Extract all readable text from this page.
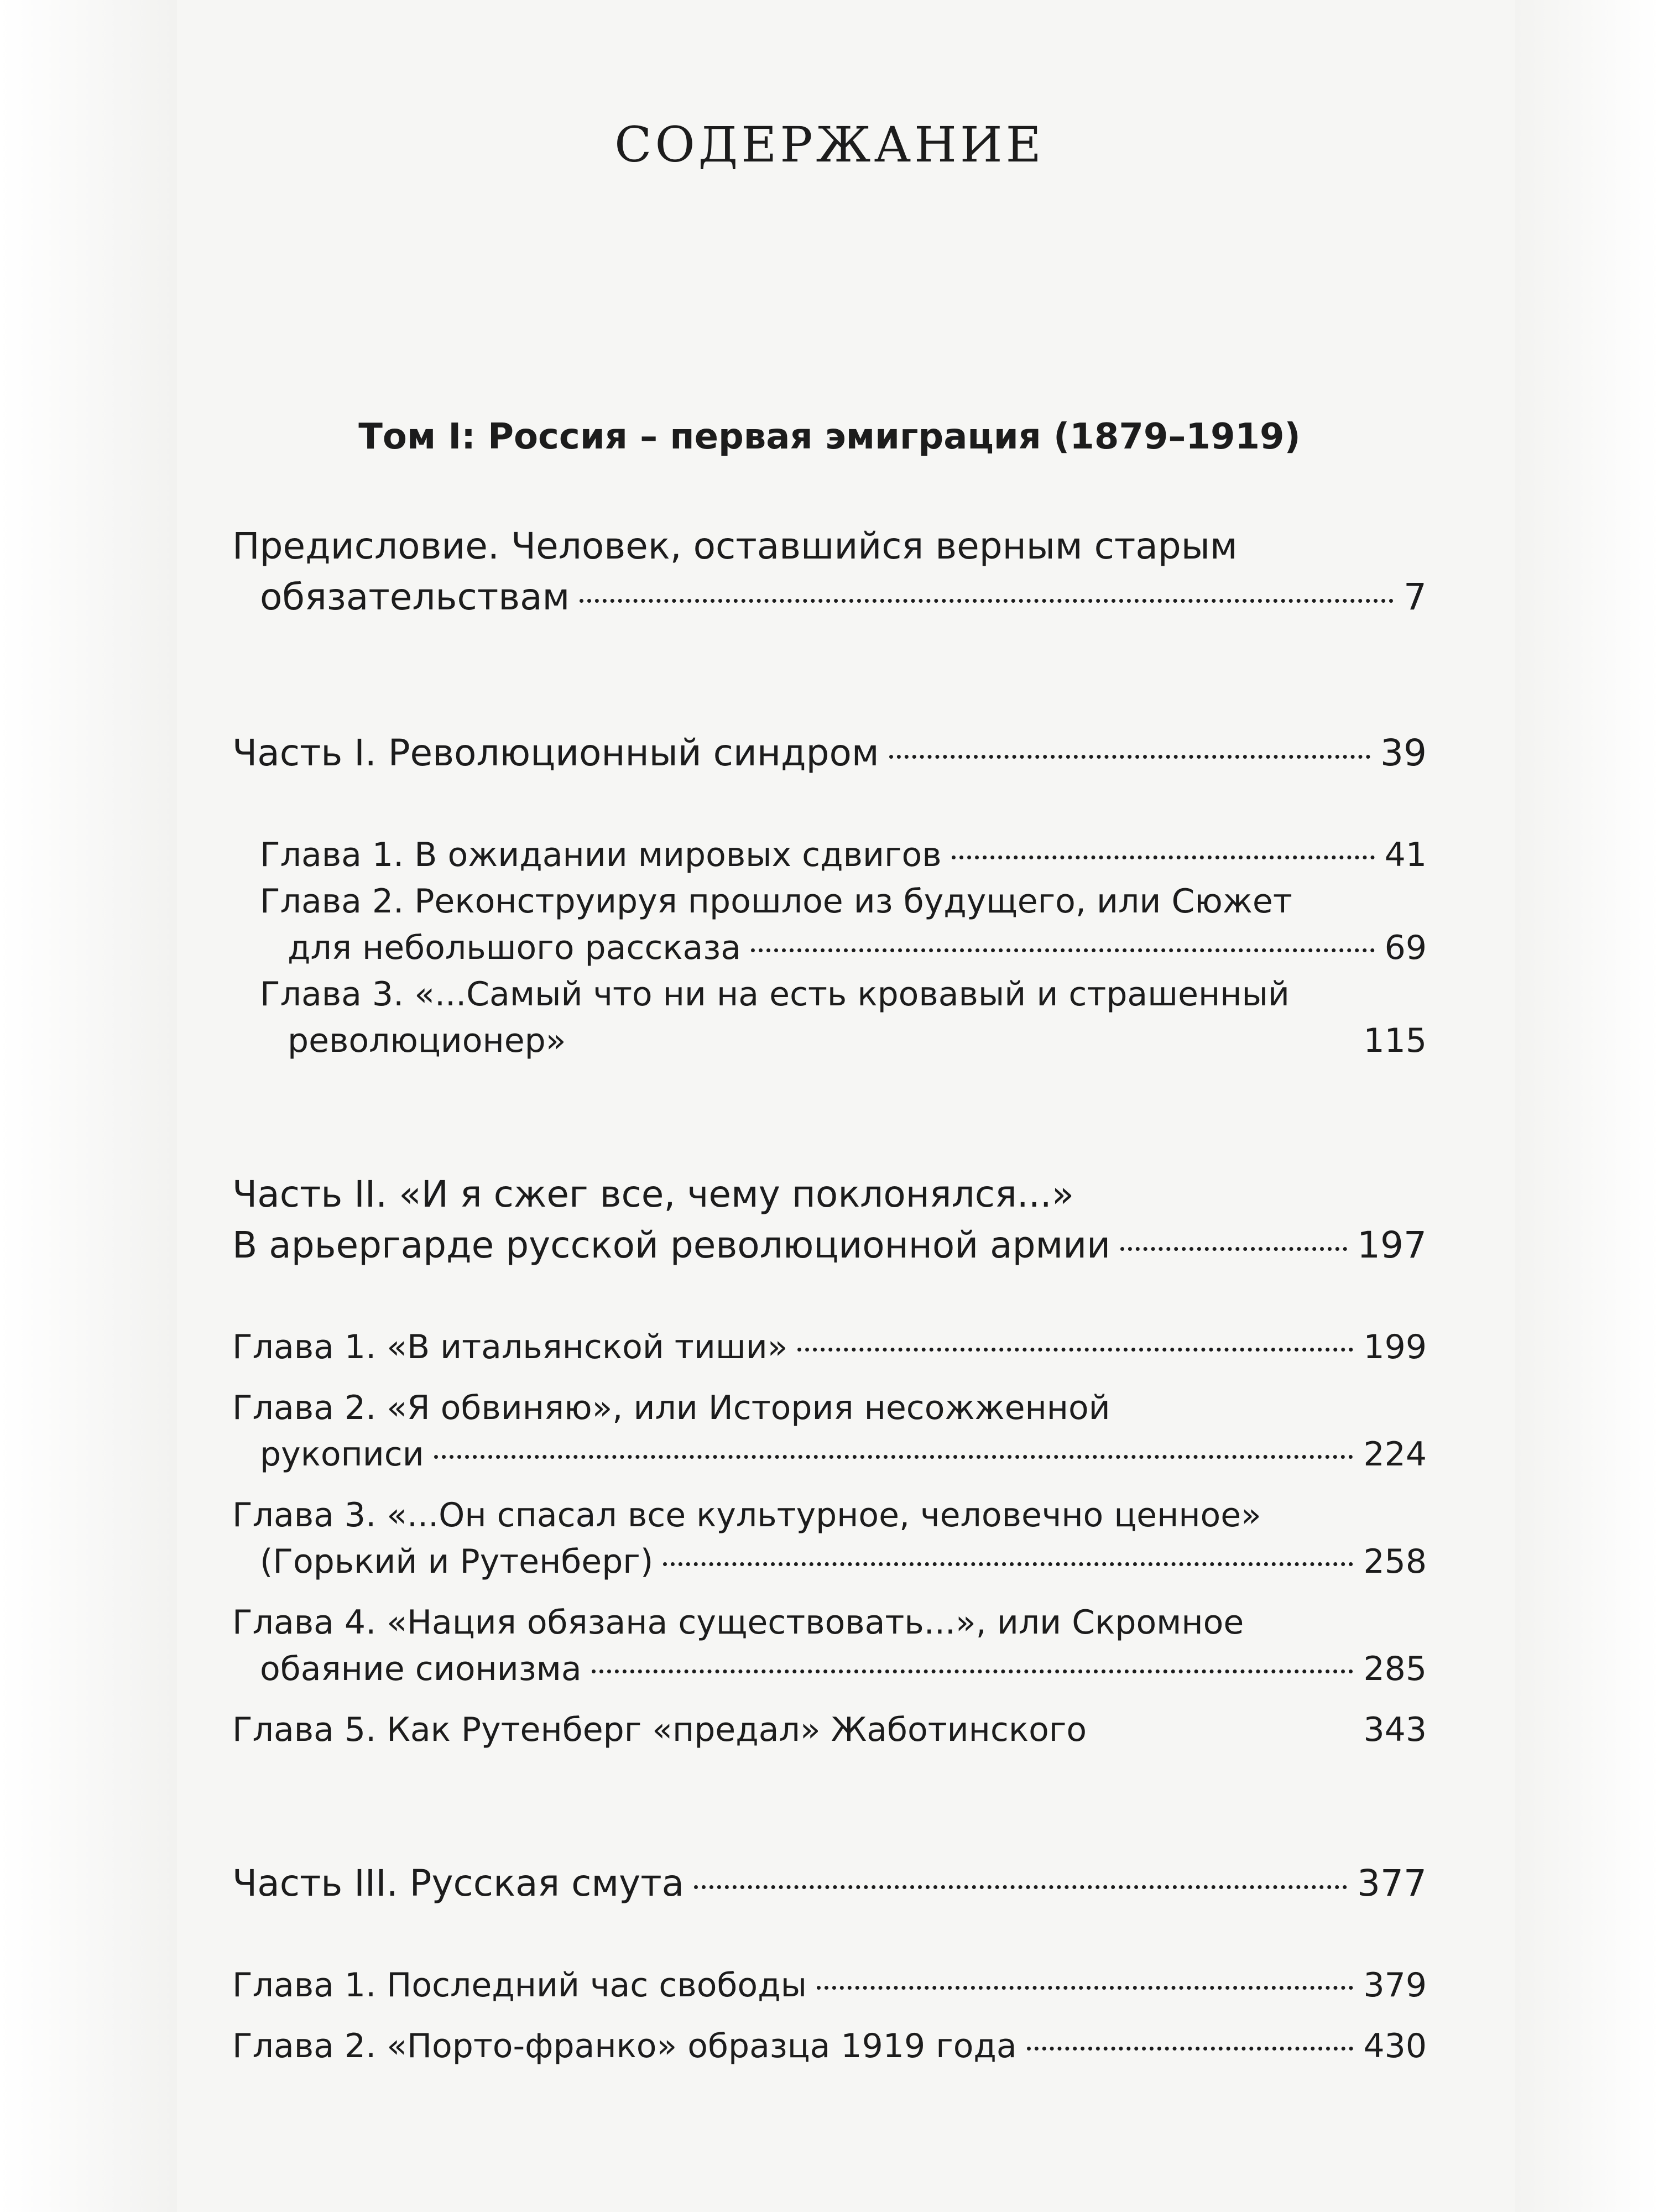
СОДЕРЖАНИЕ
Том I: Россия – первая эмиграция (1879–1919)
Предисловие. Человек, оставшийся верным старым
обязательствам	7
Часть I. Революционный синдром	39
Глава 1. В ожидании мировых сдвигов	41
Глава 2. Реконструируя прошлое из будущего, или Сюжет
для небольшого рассказа	69
Глава 3. «...Самый что ни на есть кровавый и страшенный
революционер»	115
Часть II. «И я сжег все, чему поклонялся...»
В арьергарде русской революционной армии	197
Глава 1. «В итальянской тиши»	199
Глава 2. «Я обвиняю», или История несожженной
рукописи	224
Глава 3. «...Он спасал все культурное, человечно ценное»
(Горький и Рутенберг)	258
Глава 4. «Нация обязана существовать...», или Скромное
обаяние сионизма	285
Глава 5. Как Рутенберг «предал» Жаботинского	343
Часть III. Русская смута	377
Глава 1. Последний час свободы	379
Глава 2. «Порто-франко» образца 1919 года	430
